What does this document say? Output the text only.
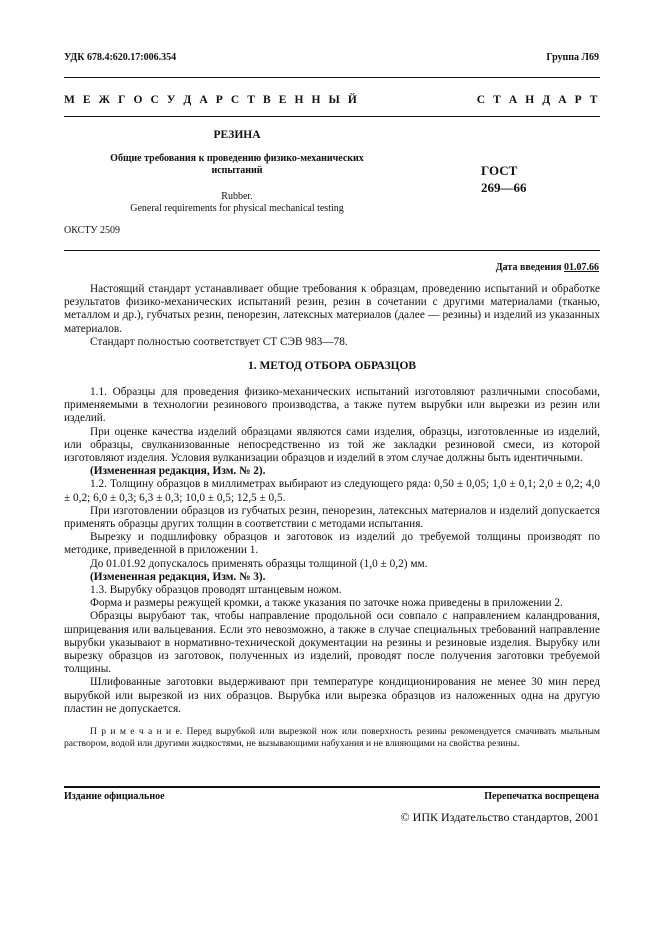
УДК 678.4:620.17:006.354	Группа Л69
М Е Ж Г О С У Д А Р С Т В Е Н Н Ы Й	С Т А Н Д А Р Т
РЕЗИНА
Общие требования к проведению физико-механических
испытаний
Rubber.
General requirements for physical mechanical testing
ГОСТ
269—66
ОКСТУ 2509
Дата введения 01.07.66
Настоящий стандарт устанавливает общие требования к образцам, проведению испытаний и обработке результатов физико-механических испытаний резин, резин в сочетании с другими материалами (тканью, металлом и др.), губчатых резин, пенорезин, латексных материалов (далее — резины) и изделий из указанных материалов.
Стандарт полностью соответствует СТ СЭВ 983—78.
1. МЕТОД ОТБОРА ОБРАЗЦОВ
1.1. Образцы для проведения физико-механических испытаний изготовляют различными способами, применяемыми в технологии резинового производства, а также путем вырубки или вырезки из резин или изделий.
При оценке качества изделий образцами являются сами изделия, образцы, изготовленные из изделий, или образцы, свулканизованные непосредственно из той же закладки резиновой смеси, из которой изготовляют изделия. Условия вулканизации образцов и изделий в этом случае должны быть идентичными.
(Измененная редакция, Изм. № 2).
1.2. Толщину образцов в миллиметрах выбирают из следующего ряда: 0,50 ± 0,05; 1,0 ± 0,1; 2,0 ± 0,2; 4,0 ± 0,2; 6,0 ± 0,3; 6,3 ± 0,3; 10,0 ± 0,5; 12,5 ± 0,5.
При изготовлении образцов из губчатых резин, пенорезин, латексных материалов и изделий допускается применять образцы других толщин в соответствии с методами испытания.
Вырезку и подшлифовку образцов и заготовок из изделий до требуемой толщины производят по методике, приведенной в приложении 1.
До 01.01.92 допускалось применять образцы толщиной (1,0 ± 0,2) мм.
(Измененная редакция, Изм. № 3).
1.3. Вырубку образцов проводят штанцевым ножом.
Форма и размеры режущей кромки, а также указания по заточке ножа приведены в приложении 2.
Образцы вырубают так, чтобы направление продольной оси совпало с направлением каландрования, шприцевания или вальцевания. Если это невозможно, а также в случае специальных требований направление вырубки указывают в нормативно-технической документации на резины и резиновые изделия. Вырубку или вырезку образцов из заготовок, полученных из изделий, проводят после получения заготовки требуемой толщины.
Шлифованные заготовки выдерживают при температуре кондиционирования не менее 30 мин перед вырубкой или вырезкой из них образцов. Вырубка или вырезка образцов из наложенных одна на другую пластин не допускается.
П р и м е ч а н и е. Перед вырубкой или вырезкой нож или поверхность резины рекомендуется смачивать мыльным раствором, водой или другими жидкостями, не вызывающими набухания и не влияющими на свойства резины.
Издание официальное	Перепечатка воспрещена
© ИПК Издательство стандартов, 2001
